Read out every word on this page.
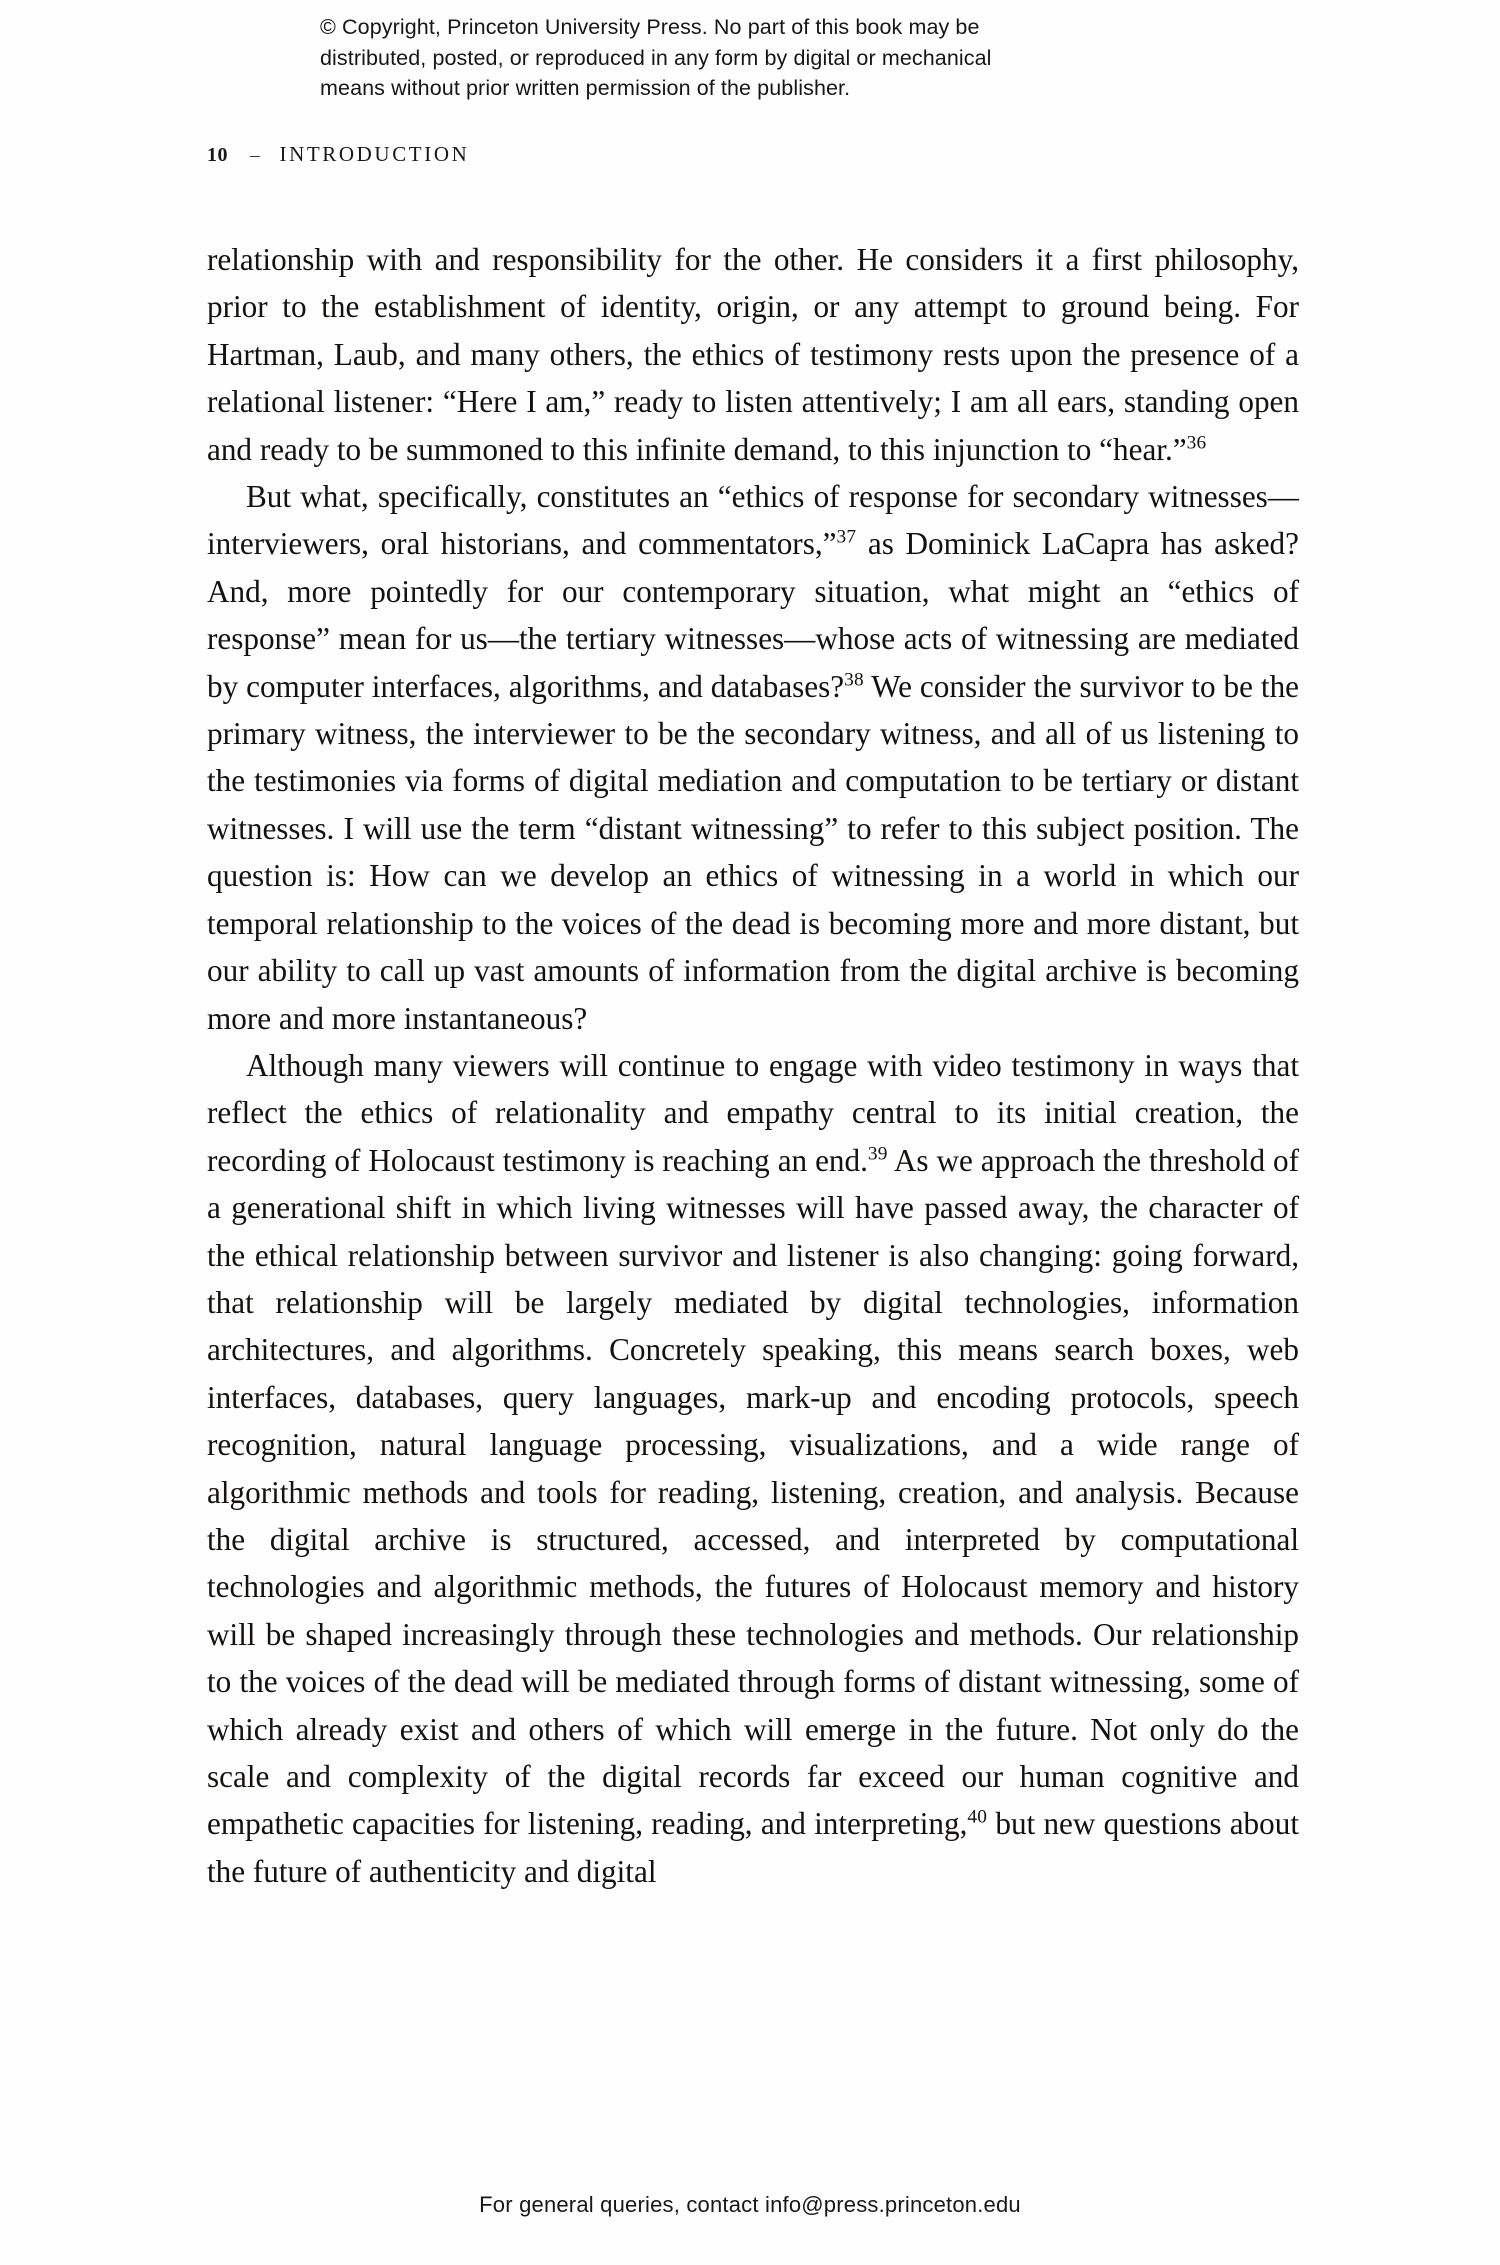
© Copyright, Princeton University Press. No part of this book may be
distributed, posted, or reproduced in any form by digital or mechanical
means without prior written permission of the publisher.
10 – INTRODUCTION

relationship with and responsibility for the other. He considers it a first philosophy, prior to the establishment of identity, origin, or any attempt to ground being. For Hartman, Laub, and many others, the ethics of testimony rests upon the presence of a relational listener: “Here I am,” ready to listen attentively; I am all ears, standing open and ready to be summoned to this infinite demand, to this injunction to “hear.”$^{36}$

But what, specifically, constitutes an “ethics of response for secondary witnesses—interviewers, oral historians, and commentators,”$^{37}$ as Dominick LaCapra has asked? And, more pointedly for our contemporary situation, what might an “ethics of response” mean for us—the tertiary witnesses—whose acts of witnessing are mediated by computer interfaces, algorithms, and databases?$^{38}$ We consider the survivor to be the primary witness, the interviewer to be the secondary witness, and all of us listening to the testimonies via forms of digital mediation and computation to be tertiary or distant witnesses. I will use the term “distant witnessing” to refer to this subject position. The question is: How can we develop an ethics of witnessing in a world in which our temporal relationship to the voices of the dead is becoming more and more distant, but our ability to call up vast amounts of information from the digital archive is becoming more and more instantaneous?

Although many viewers will continue to engage with video testimony in ways that reflect the ethics of relationality and empathy central to its initial creation, the recording of Holocaust testimony is reaching an end.$^{39}$ As we approach the threshold of a generational shift in which living witnesses will have passed away, the character of the ethical relationship between survivor and listener is also changing: going forward, that relationship will be largely mediated by digital technologies, information architectures, and algorithms. Concretely speaking, this means search boxes, web interfaces, databases, query languages, mark-up and encoding protocols, speech recognition, natural language processing, visualizations, and a wide range of algorithmic methods and tools for reading, listening, creation, and analysis. Because the digital archive is structured, accessed, and interpreted by computational technologies and algorithmic methods, the futures of Holocaust memory and history will be shaped increasingly through these technologies and methods. Our relationship to the voices of the dead will be mediated through forms of distant witnessing, some of which already exist and others of which will emerge in the future. Not only do the scale and complexity of the digital records far exceed our human cognitive and empathetic capacities for listening, reading, and interpreting,$^{40}$ but new questions about the future of authenticity and digital

For general queries, contact info@press.princeton.edu
